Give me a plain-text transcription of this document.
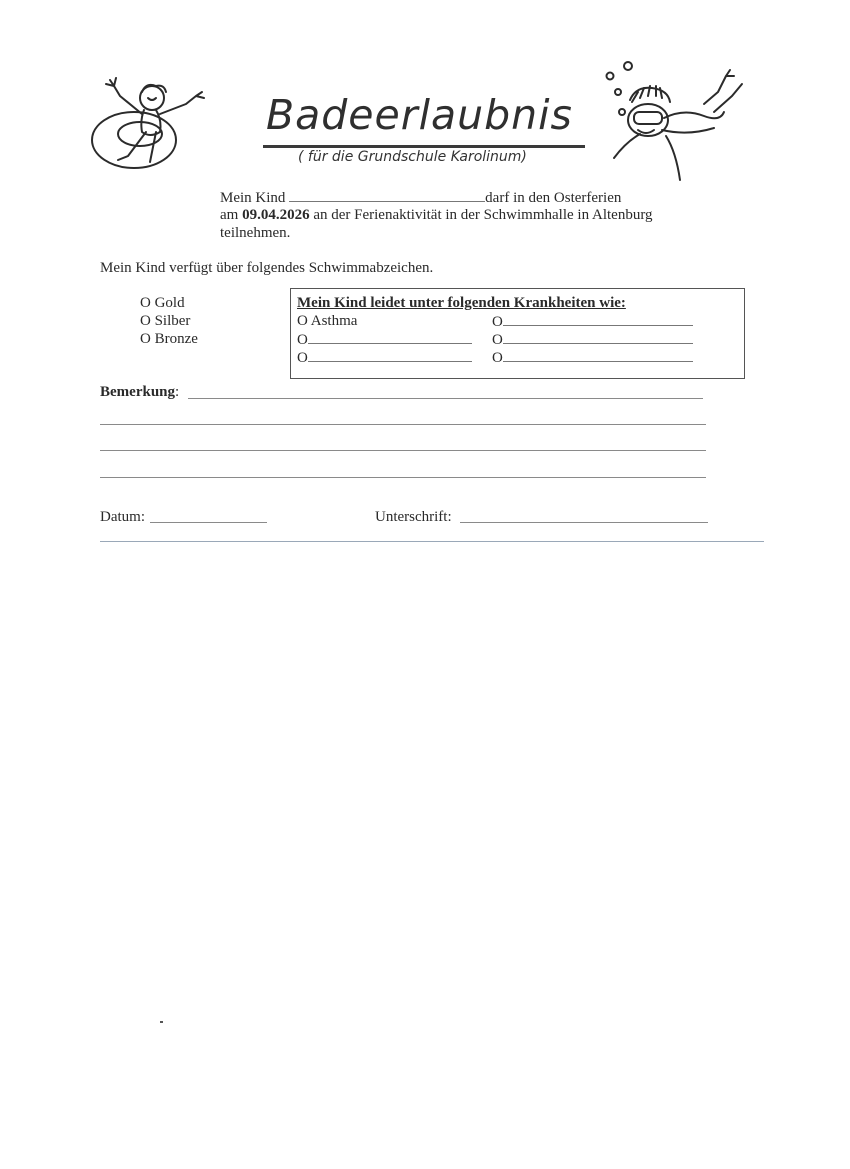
Badeerlaubnis
( für die Grundschule Karolinum)
Mein Kind	darf in den Osterferien
am 09.04.2026 an der Ferienaktivität in der Schwimmhalle in Altenburg
teilnehmen.
Mein Kind verfügt über folgendes Schwimmabzeichen.
O Gold
O Silber
O Bronze
Mein Kind leidet unter folgenden Krankheiten wie:
O Asthma
O
O
O
O
O
Bemerkung:
Datum:	Unterschrift:
